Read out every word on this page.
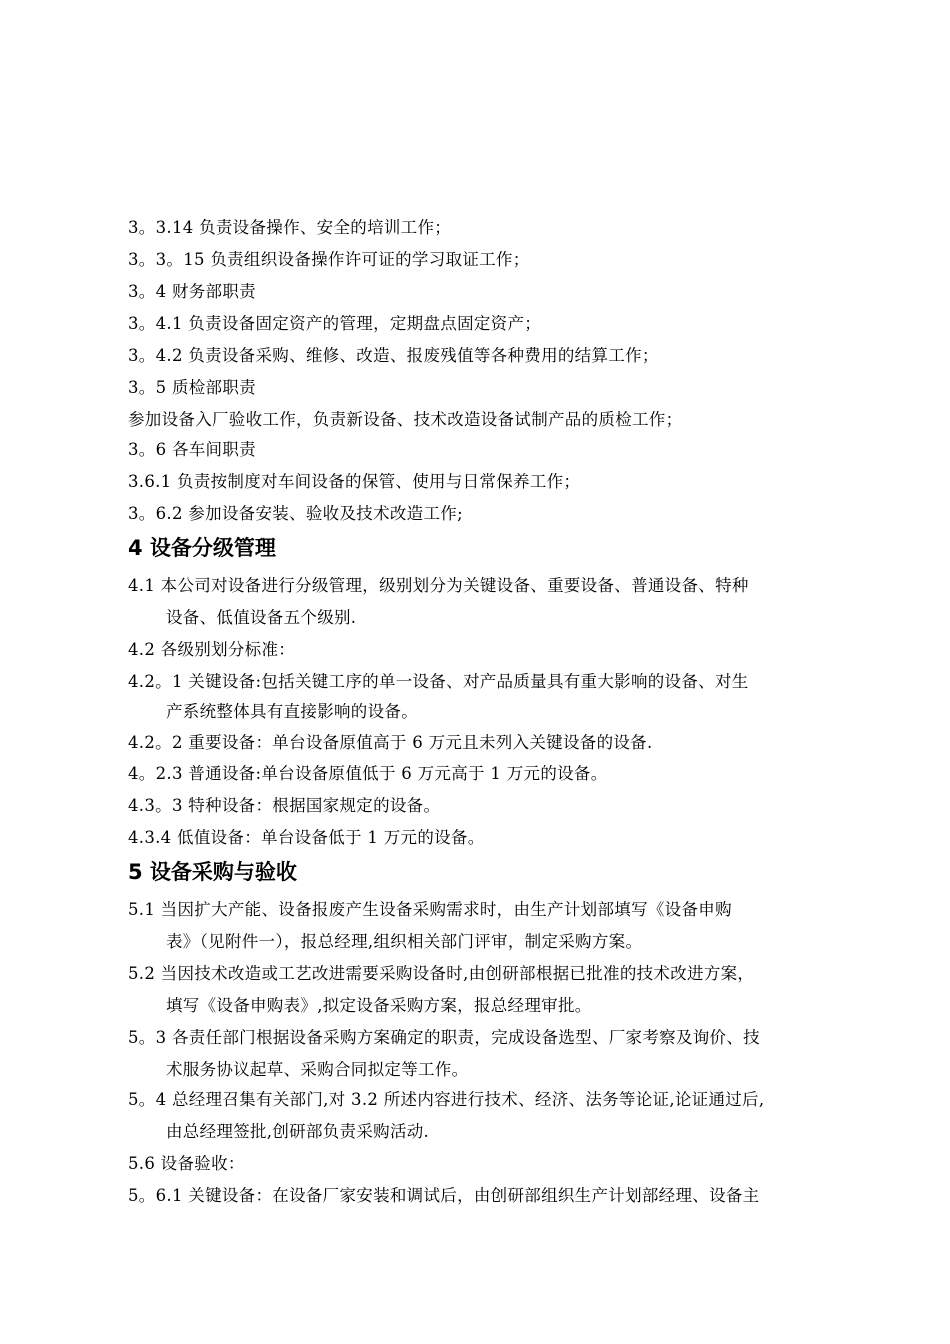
3。3.14 负责设备操作、安全的培训工作；
3。3。15 负责组织设备操作许可证的学习取证工作；
3。4 财务部职责
3。4.1 负责设备固定资产的管理，定期盘点固定资产；
3。4.2 负责设备采购、维修、改造、报废残值等各种费用的结算工作；
3。5 质检部职责
参加设备入厂验收工作，负责新设备、技术改造设备试制产品的质检工作；
3。6 各车间职责
3.6.1 负责按制度对车间设备的保管、使用与日常保养工作；
3。6.2 参加设备安装、验收及技术改造工作;
4 设备分级管理
4.1 本公司对设备进行分级管理，级别划分为关键设备、重要设备、普通设备、特种
设备、低值设备五个级别.
4.2 各级别划分标准：
4.2。1 关键设备:包括关键工序的单一设备、对产品质量具有重大影响的设备、对生
产系统整体具有直接影响的设备。
4.2。2 重要设备：单台设备原值高于 6 万元且未列入关键设备的设备.
4。2.3 普通设备:单台设备原值低于 6 万元高于 1 万元的设备。
4.3。3 特种设备：根据国家规定的设备。
4.3.4 低值设备：单台设备低于 1 万元的设备。
5 设备采购与验收
5.1 当因扩大产能、设备报废产生设备采购需求时，由生产计划部填写《设备申购
表》（见附件一），报总经理,组织相关部门评审，制定采购方案。
5.2 当因技术改造或工艺改进需要采购设备时,由创研部根据已批准的技术改进方案，
填写《设备申购表》,拟定设备采购方案，报总经理审批。
5。3 各责任部门根据设备采购方案确定的职责，完成设备选型、厂家考察及询价、技
术服务协议起草、采购合同拟定等工作。
5。4 总经理召集有关部门,对 3.2 所述内容进行技术、经济、法务等论证,论证通过后,
由总经理签批,创研部负责采购活动.
5.6 设备验收：
5。6.1 关键设备：在设备厂家安装和调试后，由创研部组织生产计划部经理、设备主
